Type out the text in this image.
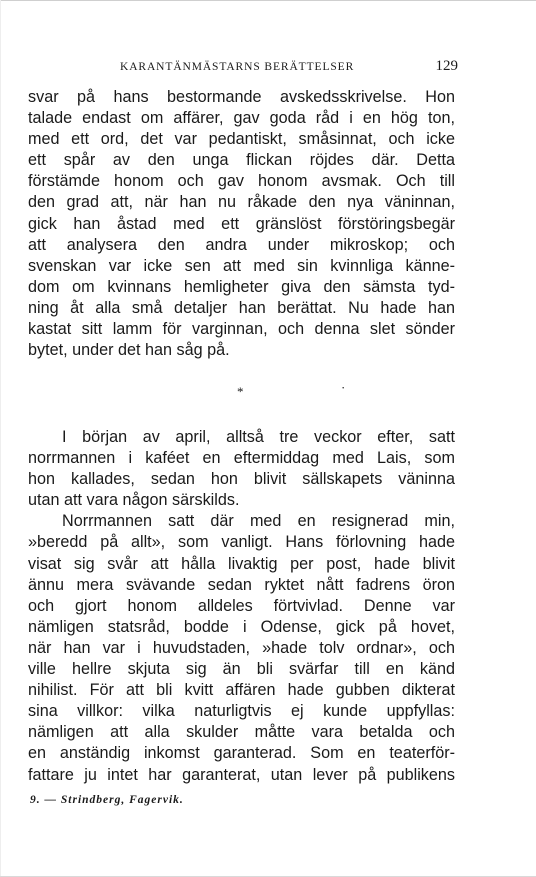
KARANTÄNMÄSTARNS BERÄTTELSER	129
svar på hans bestormande avskedsskrivelse. Hon
talade endast om affärer, gav goda råd i en hög ton,
med ett ord, det var pedantiskt, småsinnat, och icke
ett spår av den unga flickan röjdes där. Detta
förstämde honom och gav honom avsmak. Och till
den grad att, när han nu råkade den nya väninnan,
gick han åstad med ett gränslöst förstöringsbegär
att analysera den andra under mikroskop; och
svenskan var icke sen att med sin kvinnliga känne-
dom om kvinnans hemligheter giva den sämsta tyd-
ning åt alla små detaljer han berättat. Nu hade han
kastat sitt lamm för varginnan, och denna slet sönder
bytet, under det han såg på.
*	·
I början av april, alltså tre veckor efter, satt
norrmannen i kaféet en eftermiddag med Lais, som
hon kallades, sedan hon blivit sällskapets väninna
utan att vara någon särskilds.
Norrmannen satt där med en resignerad min,
»beredd på allt», som vanligt. Hans förlovning hade
visat sig svår att hålla livaktig per post, hade blivit
ännu mera svävande sedan ryktet nått fadrens öron
och gjort honom alldeles förtvivlad. Denne var
nämligen statsråd, bodde i Odense, gick på hovet,
när han var i huvudstaden, »hade tolv ordnar», och
ville hellre skjuta sig än bli svärfar till en känd
nihilist. För att bli kvitt affären hade gubben dikterat
sina villkor: vilka naturligtvis ej kunde uppfyllas:
nämligen att alla skulder måtte vara betalda och
en anständig inkomst garanterad. Som en teaterför-
fattare ju intet har garanterat, utan lever på publikens
9. — Strindberg, Fagervik.
